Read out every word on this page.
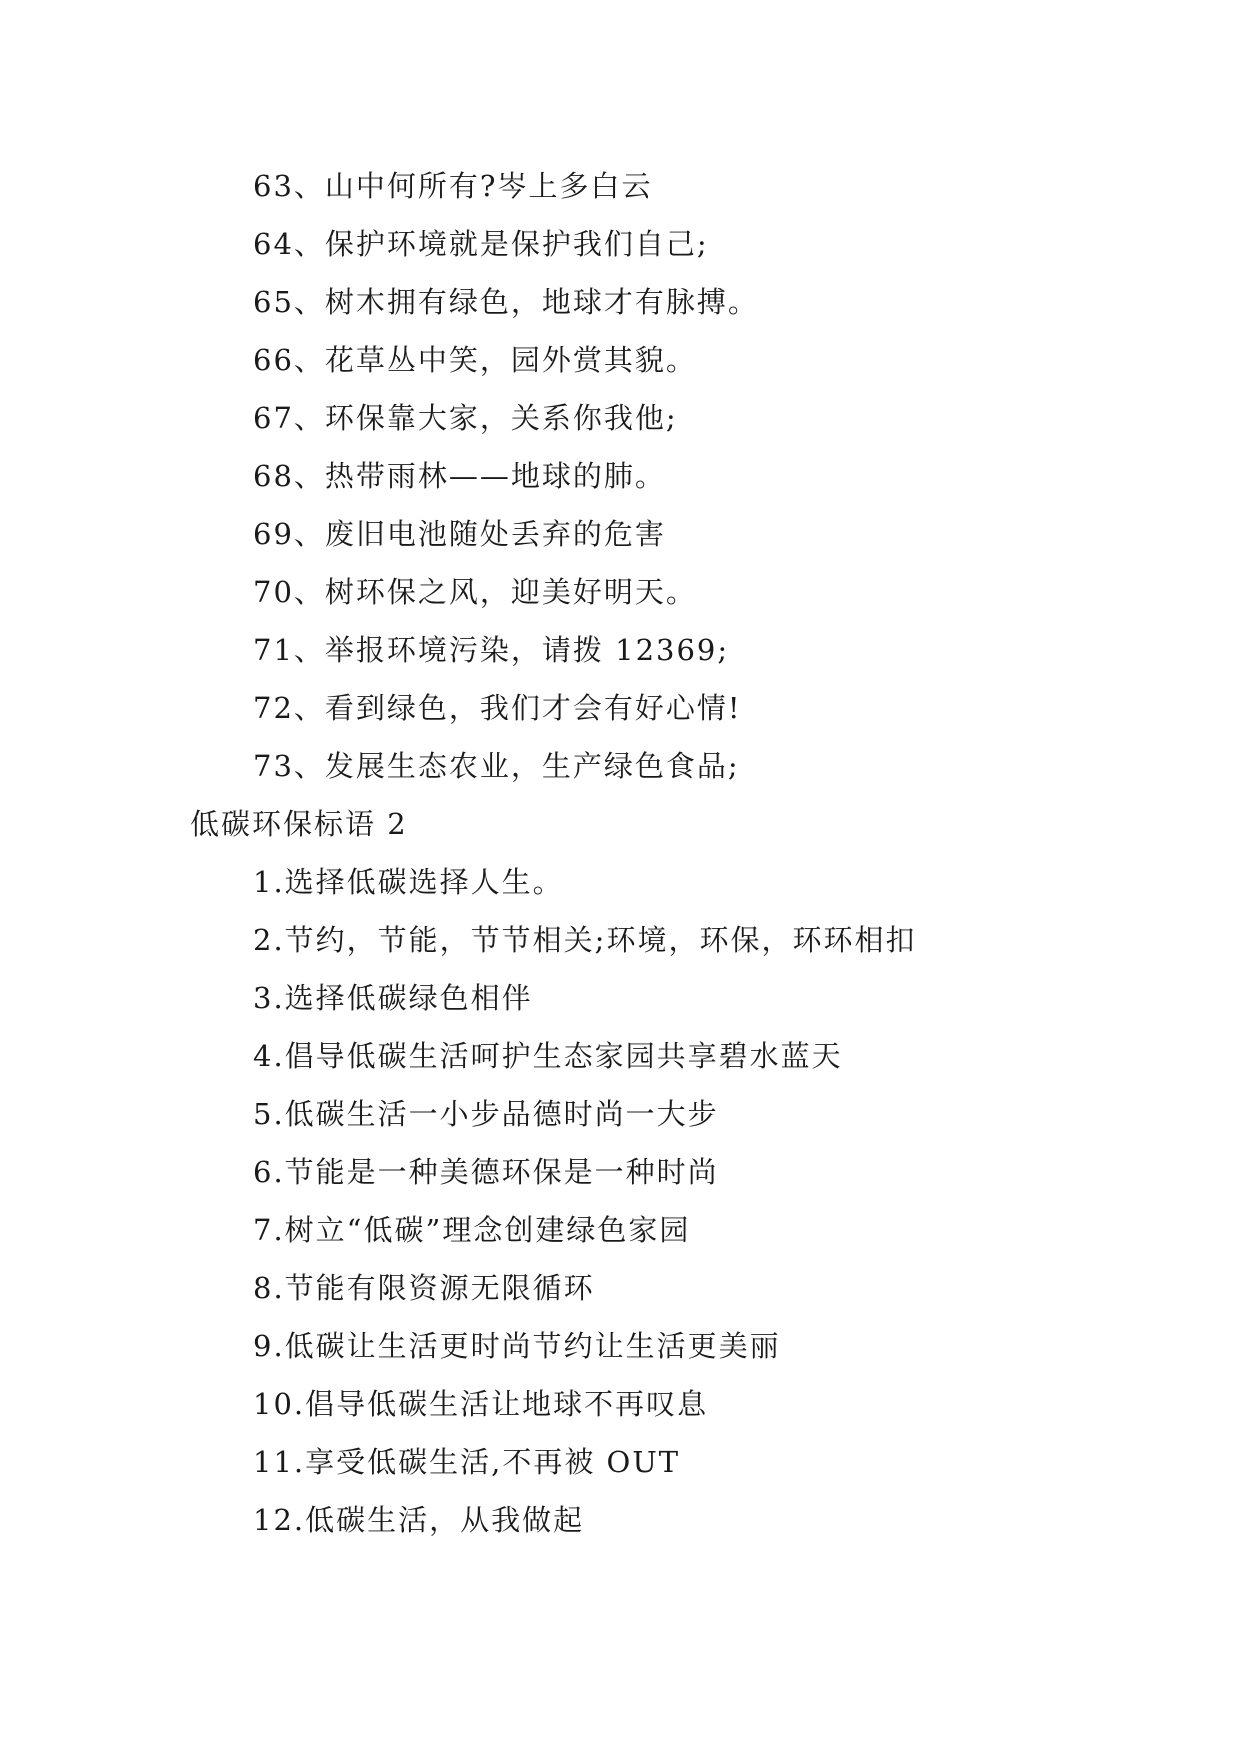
63、山中何所有?岑上多白云

64、保护环境就是保护我们自己;

65、树木拥有绿色，地球才有脉搏。

66、花草丛中笑，园外赏其貌。

67、环保靠大家，关系你我他;

68、热带雨林——地球的肺。

69、废旧电池随处丢弃的危害

70、树环保之风，迎美好明天。

71、举报环境污染，请拨 12369;

72、看到绿色，我们才会有好心情!

73、发展生态农业，生产绿色食品;

低碳环保标语 2

1.选择低碳选择人生。

2.节约，节能，节节相关;环境，环保，环环相扣

3.选择低碳绿色相伴

4.倡导低碳生活呵护生态家园共享碧水蓝天

5.低碳生活一小步品德时尚一大步

6.节能是一种美德环保是一种时尚

7.树立“低碳”理念创建绿色家园

8.节能有限资源无限循环

9.低碳让生活更时尚节约让生活更美丽

10.倡导低碳生活让地球不再叹息

11.享受低碳生活,不再被 OUT

12.低碳生活，从我做起
